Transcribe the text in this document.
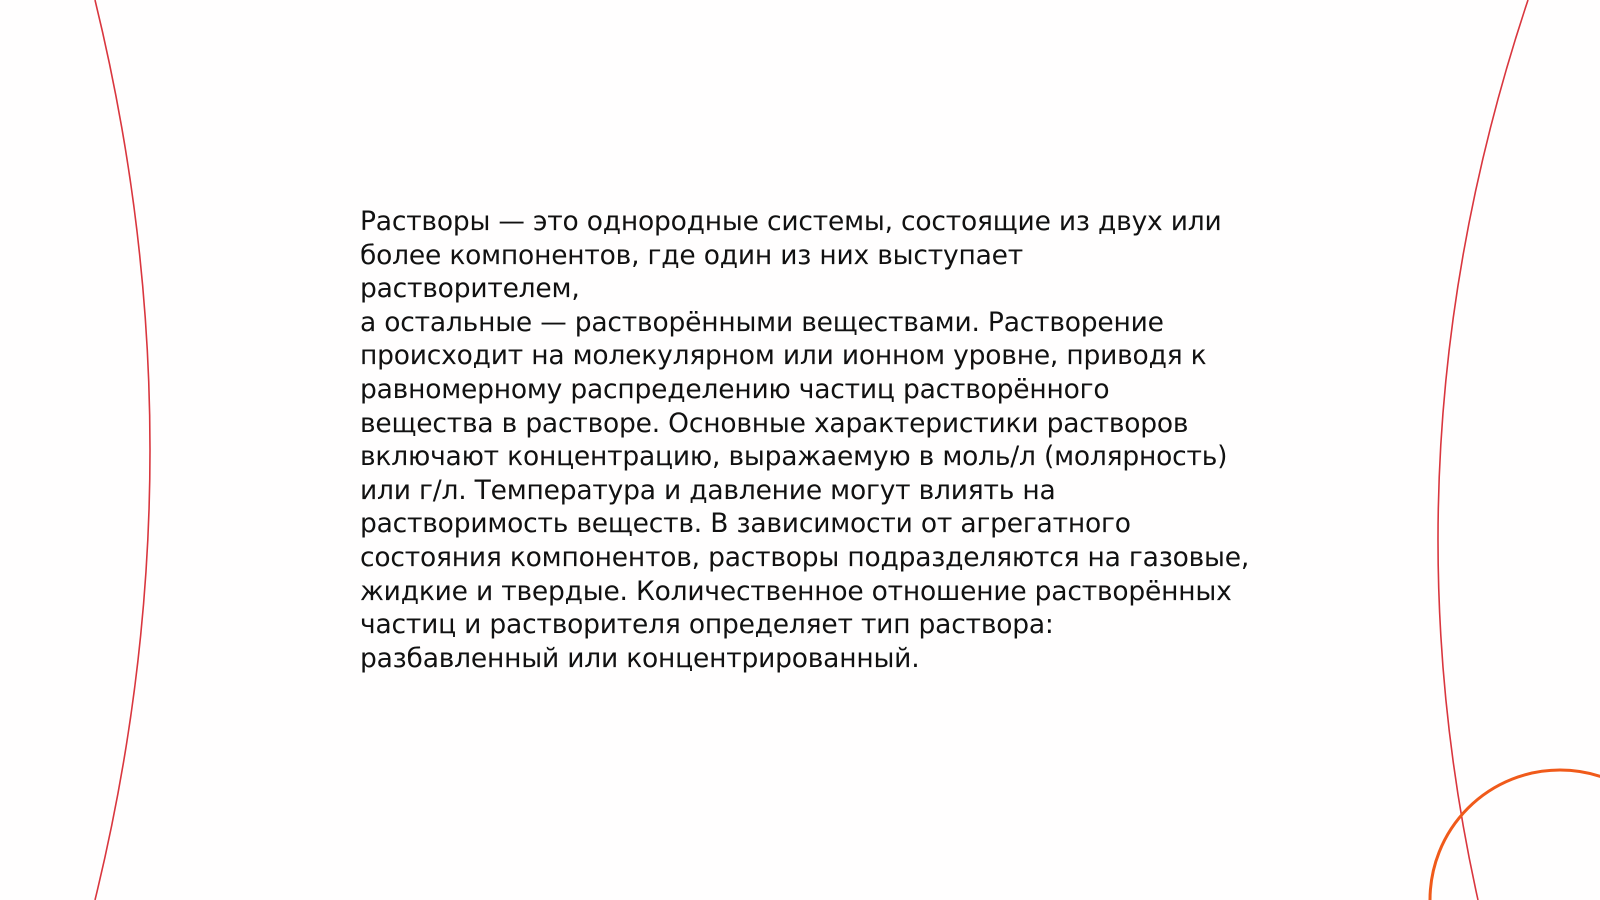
Растворы — это однородные системы, состоящие из двух или
более компонентов, где один из них выступает растворителем,
а остальные — растворёнными веществами. Растворение
происходит на молекулярном или ионном уровне, приводя к
равномерному распределению частиц растворённого
вещества в растворе. Основные характеристики растворов
включают концентрацию, выражаемую в моль/л (молярность)
или г/л. Температура и давление могут влиять на
растворимость веществ. В зависимости от агрегатного
состояния компонентов, растворы подразделяются на газовые,
жидкие и твердые. Количественное отношение растворённых
частиц и растворителя определяет тип раствора:
разбавленный или концентрированный.
